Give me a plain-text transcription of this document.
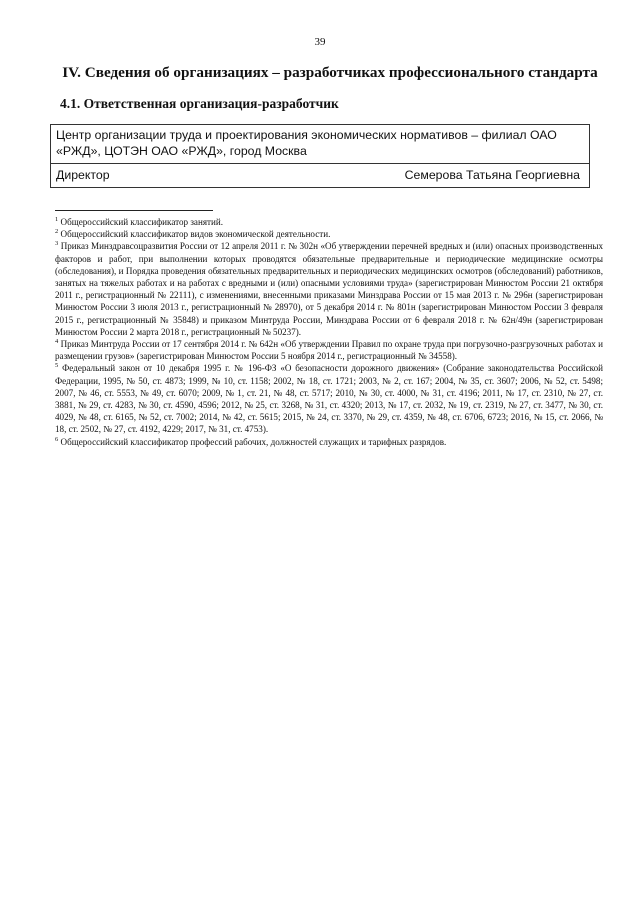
39
IV. Сведения об организациях – разработчиках профессионального стандарта
4.1. Ответственная организация-разработчик
Центр организации труда и проектирования экономических нормативов – филиал ОАО «РЖД», ЦОТЭН ОАО «РЖД», город Москва

Директор	Семерова Татьяна Георгиевна

$^1$ Общероссийский классификатор занятий.

$^2$ Общероссийский классификатор видов экономической деятельности.

$^3$ Приказ Минздравсоцразвития России от 12 апреля 2011 г. № 302н «Об утверждении перечней вредных и (или) опасных производственных факторов и работ, при выполнении которых проводятся обязательные предварительные и периодические медицинские осмотры (обследования), и Порядка проведения обязательных предварительных и периодических медицинских осмотров (обследований) работников, занятых на тяжелых работах и на работах с вредными и (или) опасными условиями труда» (зарегистрирован Минюстом России 21 октября 2011 г., регистрационный № 22111), с изменениями, внесенными приказами Минздрава России от 15 мая 2013 г. № 296н (зарегистрирован Минюстом России 3 июля 2013 г., регистрационный № 28970), от 5 декабря 2014 г. № 801н (зарегистрирован Минюстом России 3 февраля 2015 г., регистрационный № 35848) и приказом Минтруда России, Минздрава России от 6 февраля 2018 г. № 62н/49н (зарегистрирован Минюстом России 2 марта 2018 г., регистрационный № 50237).

$^4$ Приказ Минтруда России от 17 сентября 2014 г. № 642н «Об утверждении Правил по охране труда при погрузочно-разгрузочных работах и размещении грузов» (зарегистрирован Минюстом России 5 ноября 2014 г., регистрационный № 34558).

$^5$ Федеральный закон от 10 декабря 1995 г. № 196-ФЗ «О безопасности дорожного движения» (Собрание законодательства Российской Федерации, 1995, № 50, ст. 4873; 1999, № 10, ст. 1158; 2002, № 18, ст. 1721; 2003, № 2, ст. 167; 2004, № 35, ст. 3607; 2006, № 52, ст. 5498; 2007, № 46, ст. 5553, № 49, ст. 6070; 2009, № 1, ст. 21, № 48, ст. 5717; 2010, № 30, ст. 4000, № 31, ст. 4196; 2011, № 17, ст. 2310, № 27, ст. 3881, № 29, ст. 4283, № 30, ст. 4590, 4596; 2012, № 25, ст. 3268, № 31, ст. 4320; 2013, № 17, ст. 2032, № 19, ст. 2319, № 27, ст. 3477, № 30, ст. 4029, № 48, ст. 6165, № 52, ст. 7002; 2014, № 42, ст. 5615; 2015, № 24, ст. 3370, № 29, ст. 4359, № 48, ст. 6706, 6723; 2016, № 15, ст. 2066, № 18, ст. 2502, № 27, ст. 4192, 4229; 2017, № 31, ст. 4753).

$^6$ Общероссийский классификатор профессий рабочих, должностей служащих и тарифных разрядов.
